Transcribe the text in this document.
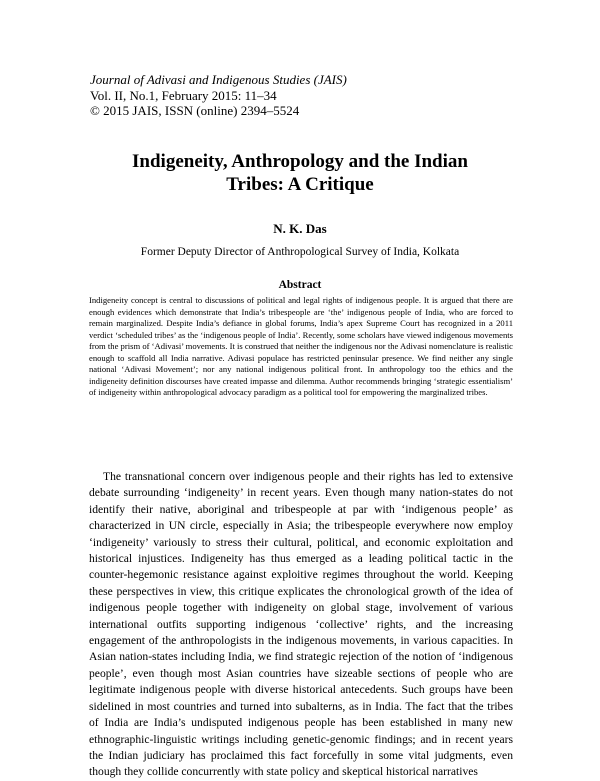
Journal of Adivasi and Indigenous Studies (JAIS)
Vol. II, No.1, February 2015: 11–34
© 2015 JAIS, ISSN (online) 2394–5524
Indigeneity, Anthropology and the Indian
Tribes: A Critique
N. K. Das
Former Deputy Director of Anthropological Survey of India, Kolkata
Abstract

Indigeneity concept is central to discussions of political and legal rights of indigenous people. It is argued that there are enough evidences which demonstrate that India’s tribespeople are ‘the’ indigenous people of India, who are forced to remain marginalized. Despite India’s defiance in global forums, India’s apex Supreme Court has recognized in a 2011 verdict ‘scheduled tribes’ as the ‘indigenous people of India’. Recently, some scholars have viewed indigenous movements from the prism of ‘Adivasi’ movements. It is construed that neither the indigenous nor the Adivasi nomenclature is realistic enough to scaffold all India narrative. Adivasi populace has restricted peninsular presence. We find neither any single national ‘Adivasi Movement’; nor any national indigenous political front. In anthropology too the ethics and the indigeneity definition discourses have created impasse and dilemma. Author recommends bringing ‘strategic essentialism’ of indigeneity within anthropological advocacy paradigm as a political tool for empowering the marginalized tribes.

The transnational concern over indigenous people and their rights has led to extensive debate surrounding ‘indigeneity’ in recent years. Even though many nation-states do not identify their native, aboriginal and tribespeople at par with ‘indigenous people’ as characterized in UN circle, especially in Asia; the tribespeople everywhere now employ ‘indigeneity’ variously to stress their cultural, political, and economic exploitation and historical injustices. Indigeneity has thus emerged as a leading political tactic in the counter-hegemonic resistance against exploitive regimes throughout the world. Keeping these perspectives in view, this critique explicates the chronological growth of the idea of indigenous people together with indigeneity on global stage, involvement of various international outfits supporting indigenous ‘collective’ rights, and the increasing engagement of the anthropologists in the indigenous movements, in various capacities. In Asian nation-states including India, we find strategic rejection of the notion of ‘indigenous people’, even though most Asian countries have sizeable sections of people who are legitimate indigenous people with diverse historical antecedents. Such groups have been sidelined in most countries and turned into subalterns, as in India. The fact that the tribes of India are India’s undisputed indigenous people has been established in many new ethnographic-linguistic writings including genetic-genomic findings; and in recent years the Indian judiciary has proclaimed this fact forcefully in some vital judgments, even though they collide concurrently with state policy and skeptical historical narratives
